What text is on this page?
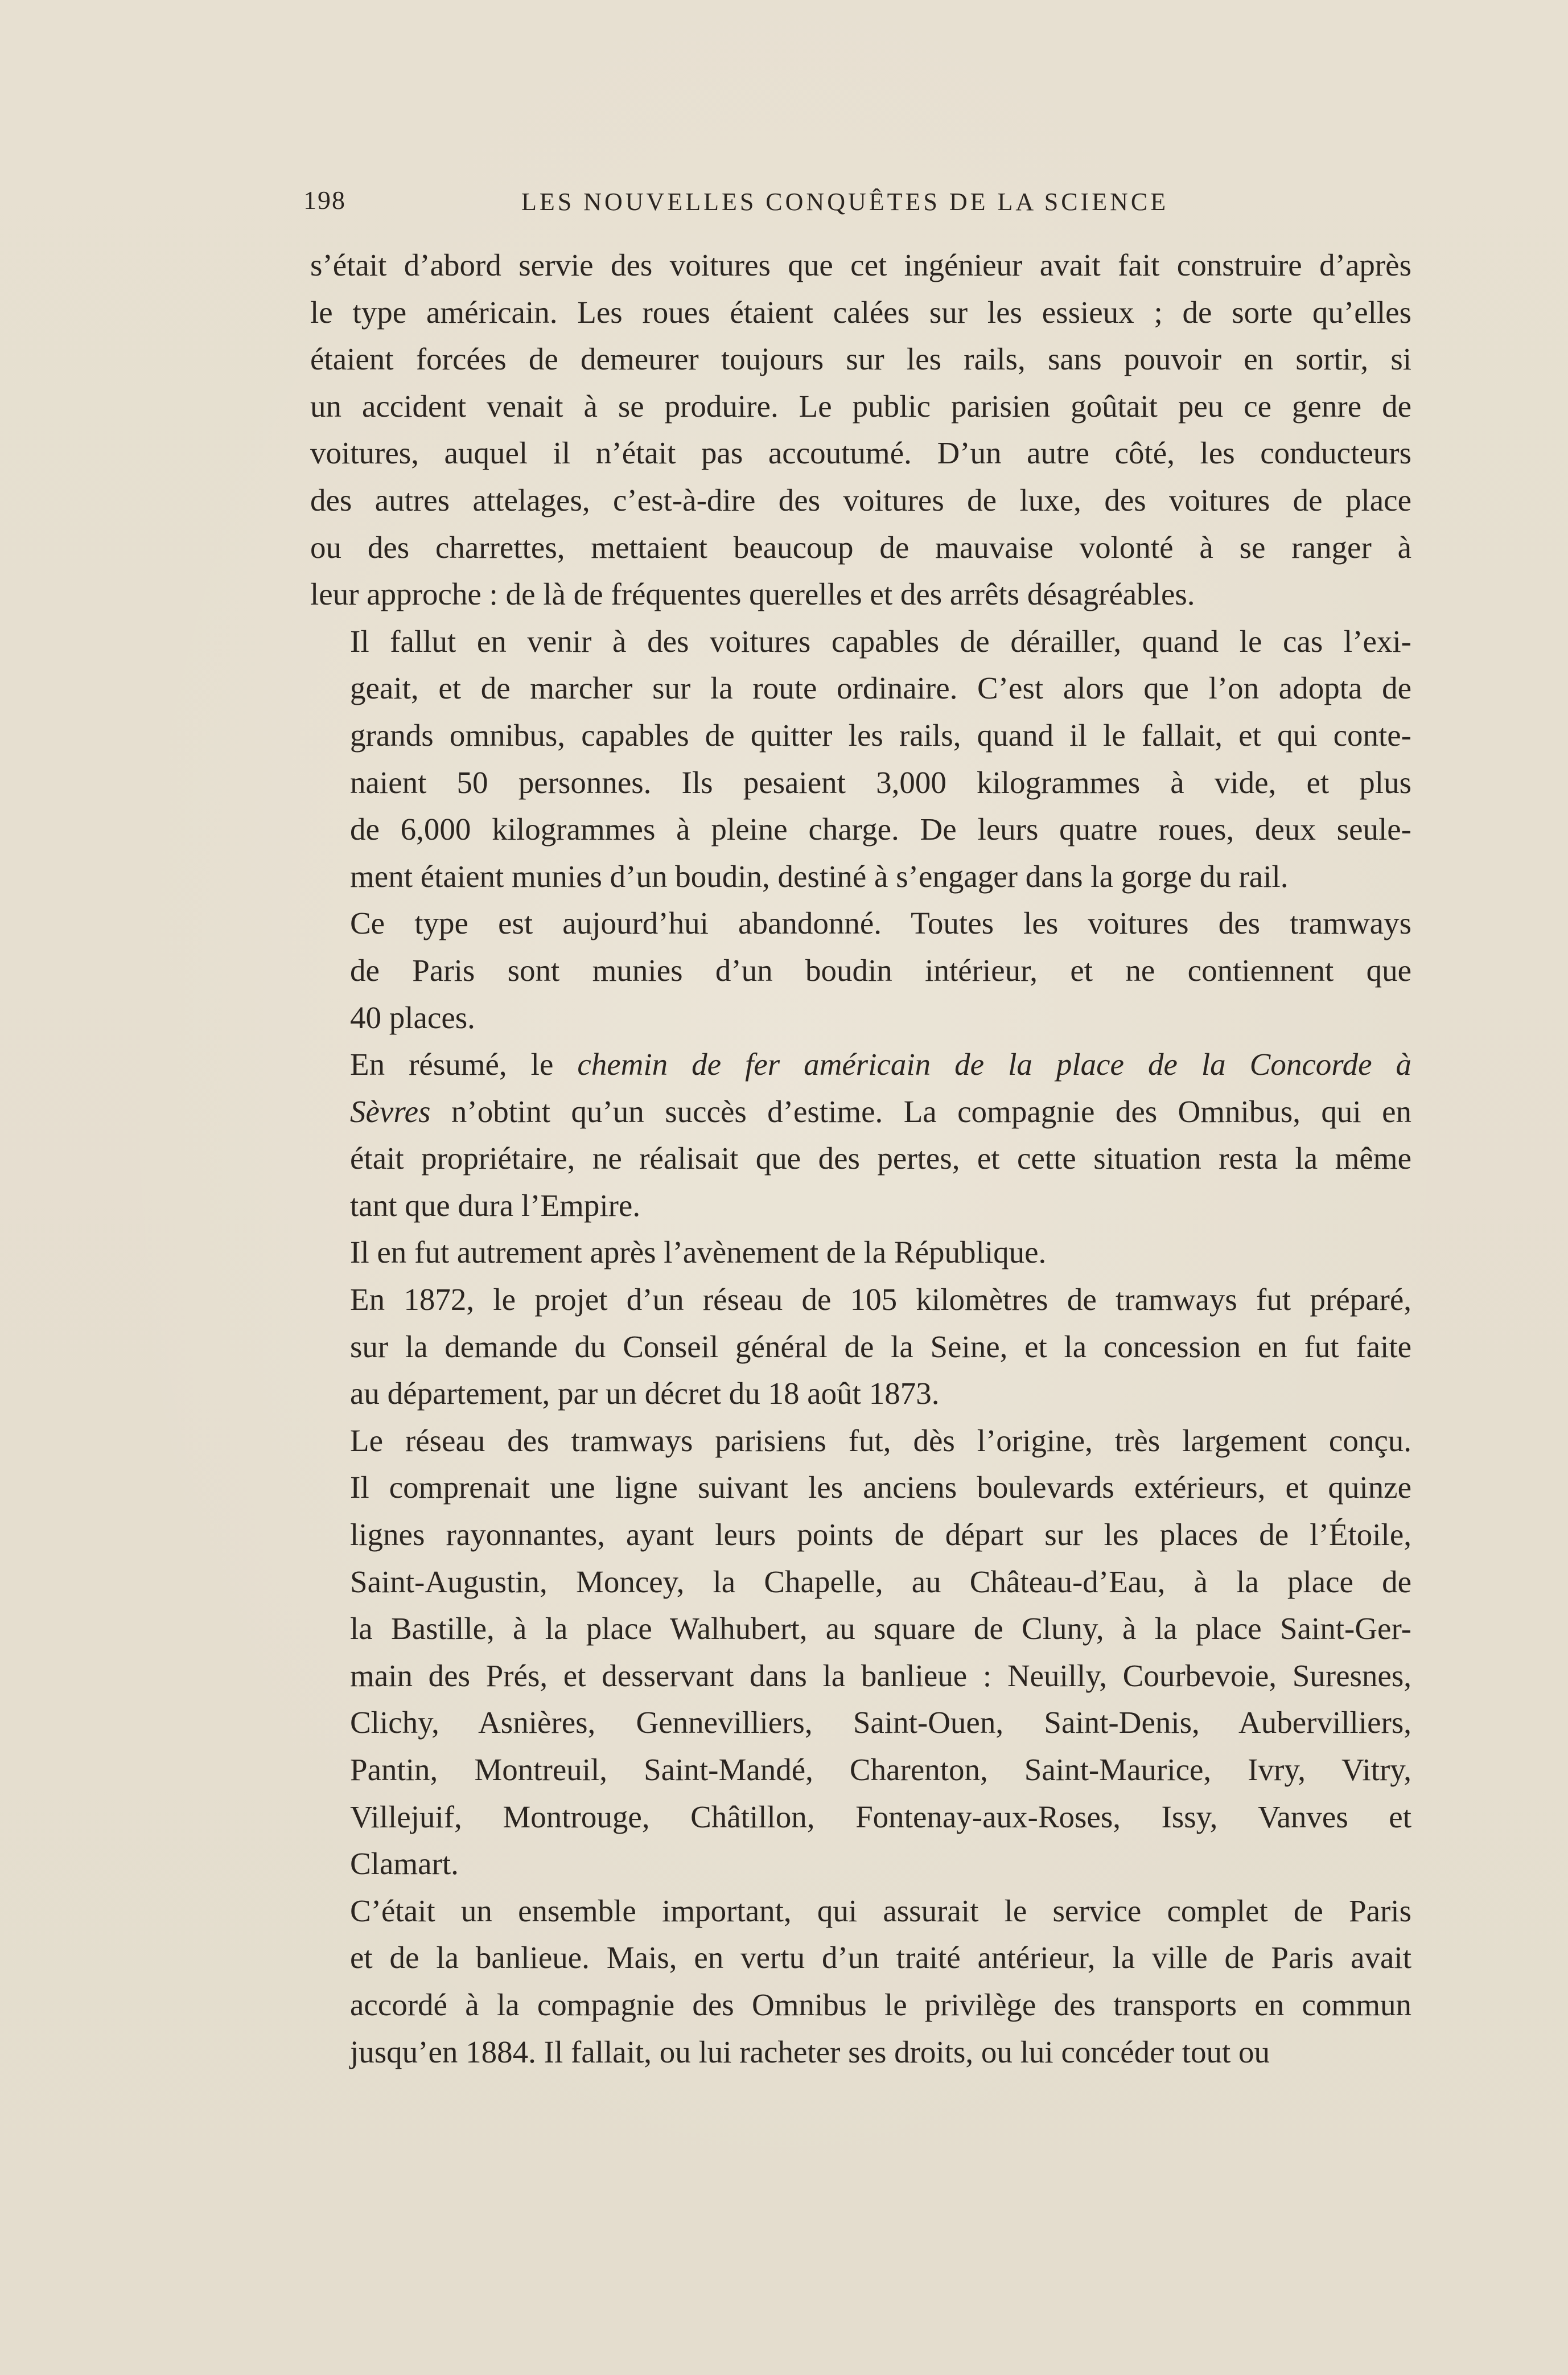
198	LES NOUVELLES CONQUÊTES DE LA SCIENCE

s’était d’abord servie des voitures que cet ingénieur avait fait construire d’après
le type américain. Les roues étaient calées sur les essieux ; de sorte qu’elles
étaient forcées de demeurer toujours sur les rails, sans pouvoir en sortir, si
un accident venait à se produire. Le public parisien goûtait peu ce genre de
voitures, auquel il n’était pas accoutumé. D’un autre côté, les conducteurs
des autres attelages, c’est-à-dire des voitures de luxe, des voitures de place
ou des charrettes, mettaient beaucoup de mauvaise volonté à se ranger à
leur approche : de là de fréquentes querelles et des arrêts désagréables.

Il fallut en venir à des voitures capables de dérailler, quand le cas l’exi-
geait, et de marcher sur la route ordinaire. C’est alors que l’on adopta de
grands omnibus, capables de quitter les rails, quand il le fallait, et qui conte-
naient 50 personnes. Ils pesaient 3,000 kilogrammes à vide, et plus
de 6,000 kilogrammes à pleine charge. De leurs quatre roues, deux seule-
ment étaient munies d’un boudin, destiné à s’engager dans la gorge du rail.

Ce type est aujourd’hui abandonné. Toutes les voitures des tramways
de Paris sont munies d’un boudin intérieur, et ne contiennent que
40 places.

En résumé, le chemin de fer américain de la place de la Concorde à
Sèvres n’obtint qu’un succès d’estime. La compagnie des Omnibus, qui en
était propriétaire, ne réalisait que des pertes, et cette situation resta la même
tant que dura l’Empire.

Il en fut autrement après l’avènement de la République.

En 1872, le projet d’un réseau de 105 kilomètres de tramways fut préparé,
sur la demande du Conseil général de la Seine, et la concession en fut faite
au département, par un décret du 18 août 1873.

Le réseau des tramways parisiens fut, dès l’origine, très largement conçu.
Il comprenait une ligne suivant les anciens boulevards extérieurs, et quinze
lignes rayonnantes, ayant leurs points de départ sur les places de l’Étoile,
Saint-Augustin, Moncey, la Chapelle, au Château-d’Eau, à la place de
la Bastille, à la place Walhubert, au square de Cluny, à la place Saint-Ger-
main des Prés, et desservant dans la banlieue : Neuilly, Courbevoie, Suresnes,
Clichy, Asnières, Gennevilliers, Saint-Ouen, Saint-Denis, Aubervilliers,
Pantin, Montreuil, Saint-Mandé, Charenton, Saint-Maurice, Ivry, Vitry,
Villejuif, Montrouge, Châtillon, Fontenay-aux-Roses, Issy, Vanves et
Clamart.

C’était un ensemble important, qui assurait le service complet de Paris
et de la banlieue. Mais, en vertu d’un traité antérieur, la ville de Paris avait
accordé à la compagnie des Omnibus le privilège des transports en commun
jusqu’en 1884. Il fallait, ou lui racheter ses droits, ou lui concéder tout ou
